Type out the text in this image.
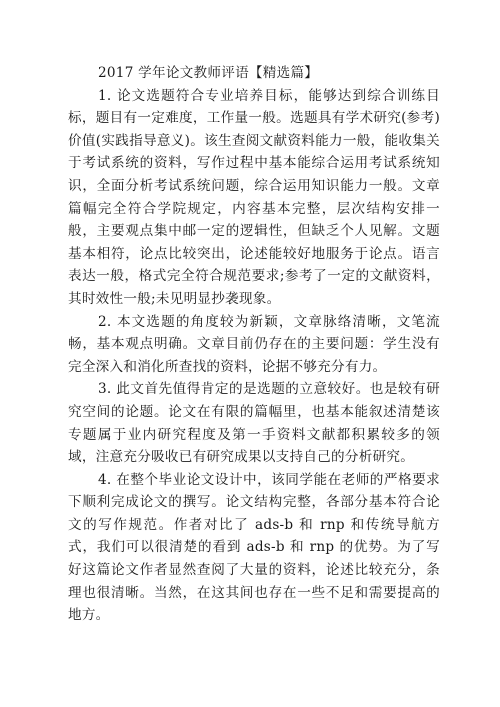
2017 学年论文教师评语【精选篇】

1. 论文选题符合专业培养目标，能够达到综合训练目标，题目有一定难度，工作量一般。选题具有学术研究(参考)价值(实践指导意义)。该生查阅文献资料能力一般，能收集关于考试系统的资料，写作过程中基本能综合运用考试系统知识，全面分析考试系统问题，综合运用知识能力一般。文章篇幅完全符合学院规定，内容基本完整，层次结构安排一般，主要观点集中邮一定的逻辑性，但缺乏个人见解。文题基本相符，论点比较突出，论述能较好地服务于论点。语言表达一般，格式完全符合规范要求;参考了一定的文献资料，其时效性一般;未见明显抄袭现象。

2. 本文选题的角度较为新颖，文章脉络清晰，文笔流畅，基本观点明确。文章目前仍存在的主要问题：学生没有完全深入和消化所查找的资料，论据不够充分有力。

3. 此文首先值得肯定的是选题的立意较好。也是较有研究空间的论题。论文在有限的篇幅里，也基本能叙述清楚该专题属于业内研究程度及第一手资料文献都积累较多的领域，注意充分吸收已有研究成果以支持自己的分析研究。

4. 在整个毕业论文设计中，该同学能在老师的严格要求下顺利完成论文的撰写。论文结构完整，各部分基本符合论文的写作规范。作者对比了 ads-b 和 rnp 和传统导航方式，我们可以很清楚的看到 ads-b 和 rnp 的优势。为了写好这篇论文作者显然查阅了大量的资料，论述比较充分，条理也很清晰。当然，在这其间也存在一些不足和需要提高的地方。
